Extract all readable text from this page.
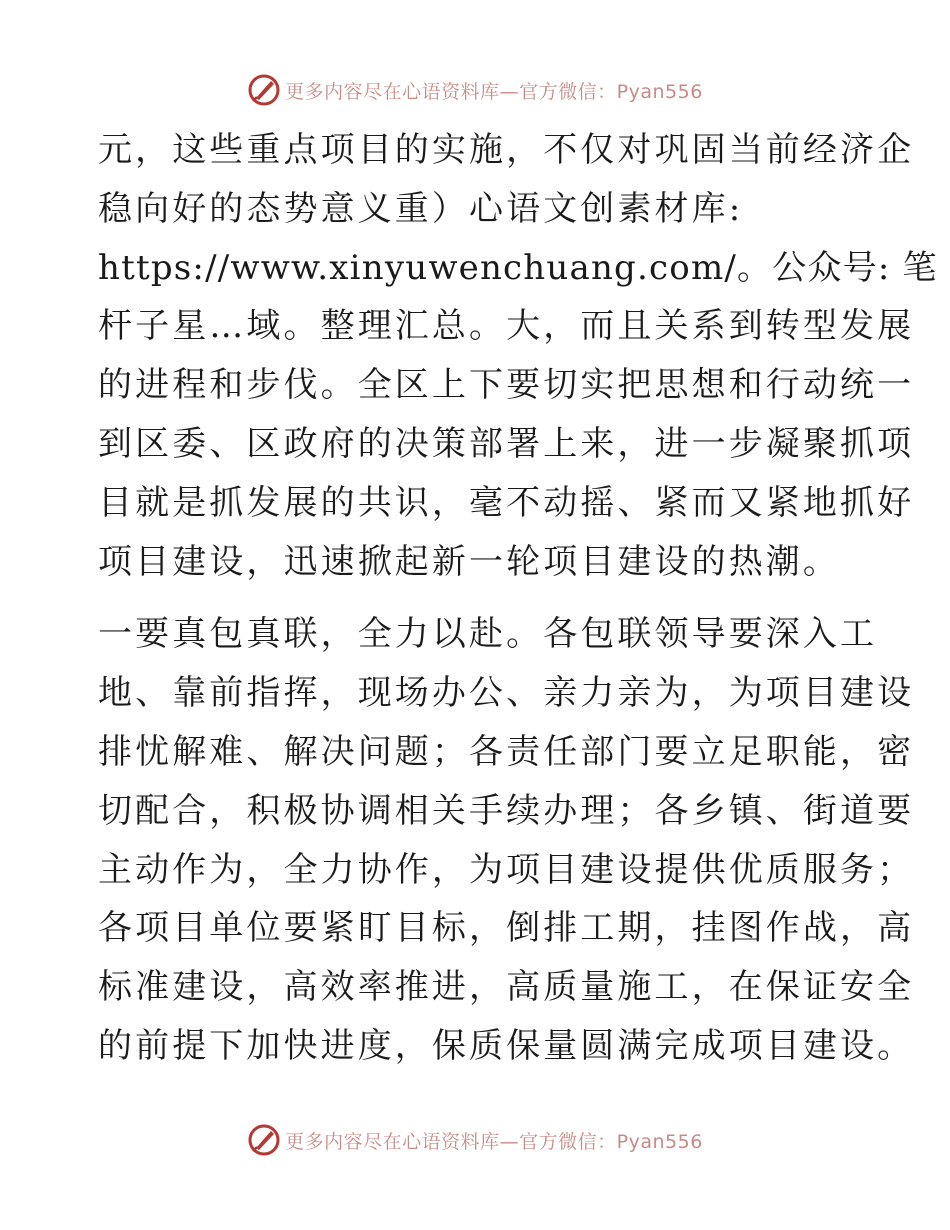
更多内容尽在心语资料库—官方微信：Pyan556
元，这些重点项目的实施，不仅对巩固当前经济企
稳向好的态势意义重）心语文创素材库:
https://www.xinyuwenchuang.com/。公众号: 笔
杆子星…域。整理汇总。大，而且关系到转型发展
的进程和步伐。全区上下要切实把思想和行动统一
到区委、区政府的决策部署上来，进一步凝聚抓项
目就是抓发展的共识，毫不动摇、紧而又紧地抓好
项目建设，迅速掀起新一轮项目建设的热潮。
一要真包真联，全力以赴。各包联领导要深入工
地、靠前指挥，现场办公、亲力亲为，为项目建设
排忧解难、解决问题；各责任部门要立足职能，密
切配合，积极协调相关手续办理；各乡镇、街道要
主动作为，全力协作，为项目建设提供优质服务；
各项目单位要紧盯目标，倒排工期，挂图作战，高
标准建设，高效率推进，高质量施工，在保证安全
的前提下加快进度，保质保量圆满完成项目建设。
更多内容尽在心语资料库—官方微信：Pyan556
